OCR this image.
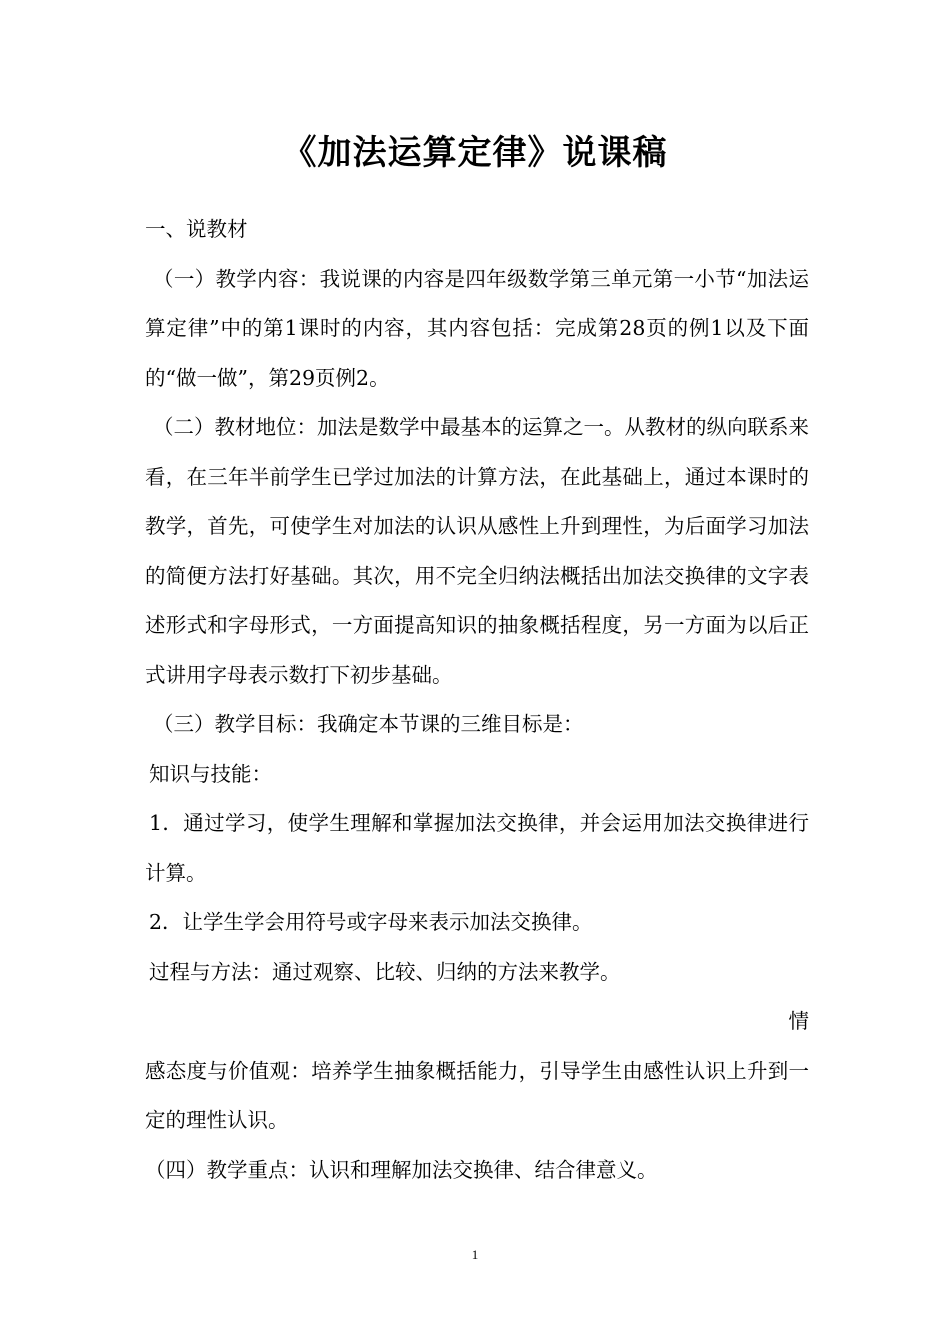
《加法运算定律》说课稿

一、说教材

（一）教学内容：我说课的内容是四年级数学第三单元第一小节“加法运算定律”中的第1课时的内容，其内容包括：完成第28页的例1以及下面的“做一做”，第29页例2。

（二）教材地位：加法是数学中最基本的运算之一。从教材的纵向联系来看，在三年半前学生已学过加法的计算方法，在此基础上，通过本课时的教学，首先，可使学生对加法的认识从感性上升到理性，为后面学习加法的简便方法打好基础。其次，用不完全归纳法概括出加法交换律的文字表述形式和字母形式，一方面提高知识的抽象概括程度，另一方面为以后正式讲用字母表示数打下初步基础。

（三）教学目标：我确定本节课的三维目标是：

知识与技能：

1．通过学习，使学生理解和掌握加法交换律，并会运用加法交换律进行计算。

2．让学生学会用符号或字母来表示加法交换律。

过程与方法：通过观察、比较、归纳的方法来教学。

情

感态度与价值观：培养学生抽象概括能力，引导学生由感性认识上升到一定的理性认识。

（四）教学重点：认识和理解加法交换律、结合律意义。

1
